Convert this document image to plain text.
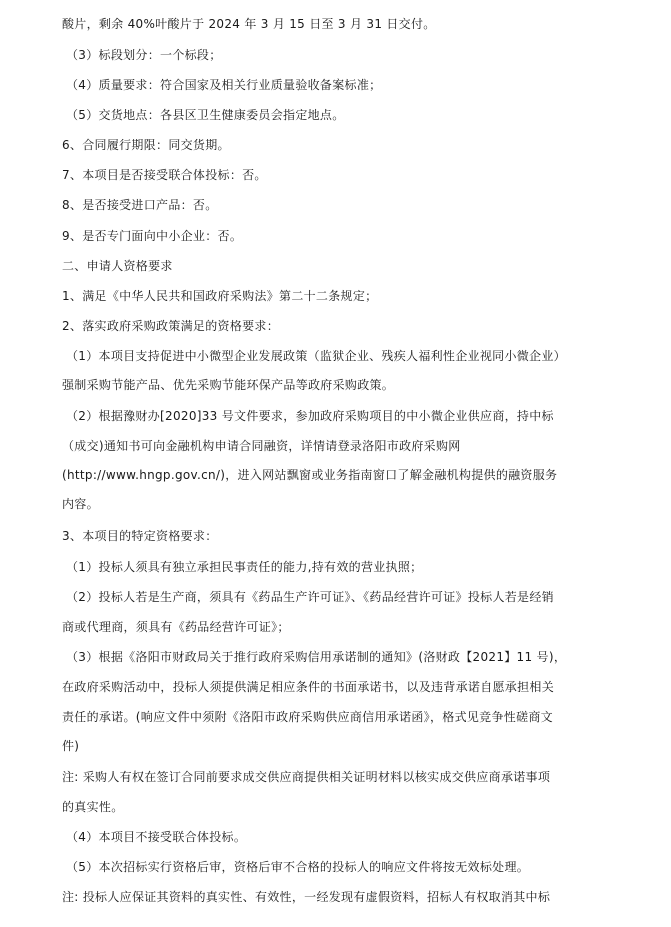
酸片，剩余 40%叶酸片于 2024 年 3 月 15 日至 3 月 31 日交付。
（3）标段划分：一个标段；
（4）质量要求：符合国家及相关行业质量验收备案标准；
（5）交货地点：各县区卫生健康委员会指定地点。
6、合同履行期限：同交货期。
7、本项目是否接受联合体投标：否。
8、是否接受进口产品：否。
9、是否专门面向中小企业：否。
二、申请人资格要求
1、满足《中华人民共和国政府采购法》第二十二条规定；
2、落实政府采购政策满足的资格要求：
（1）本项目支持促进中小微型企业发展政策（监狱企业、残疾人福利性企业视同小微企业）
强制采购节能产品、优先采购节能环保产品等政府采购政策。
（2）根据豫财办[2020]33 号文件要求，参加政府采购项目的中小微企业供应商，持中标
（成交)通知书可向金融机构申请合同融资，详情请登录洛阳市政府采购网
(http://www.hngp.gov.cn/)，进入网站飘窗或业务指南窗口了解金融机构提供的融资服务
内容。
3、本项目的特定资格要求：
（1）投标人须具有独立承担民事责任的能力,持有效的营业执照；
（2）投标人若是生产商，须具有《药品生产许可证》、《药品经营许可证》投标人若是经销
商或代理商，须具有《药品经营许可证》；
（3）根据《洛阳市财政局关于推行政府采购信用承诺制的通知》(洛财政【2021】11 号)，
在政府采购活动中，投标人须提供满足相应条件的书面承诺书，以及违背承诺自愿承担相关
责任的承诺。(响应文件中须附《洛阳市政府采购供应商信用承诺函》，格式见竞争性磋商文
件)
注: 采购人有权在签订合同前要求成交供应商提供相关证明材料以核实成交供应商承诺事项
的真实性。
（4）本项目不接受联合体投标。
（5）本次招标实行资格后审，资格后审不合格的投标人的响应文件将按无效标处理。
注: 投标人应保证其资料的真实性、有效性，一经发现有虚假资料，招标人有权取消其中标
